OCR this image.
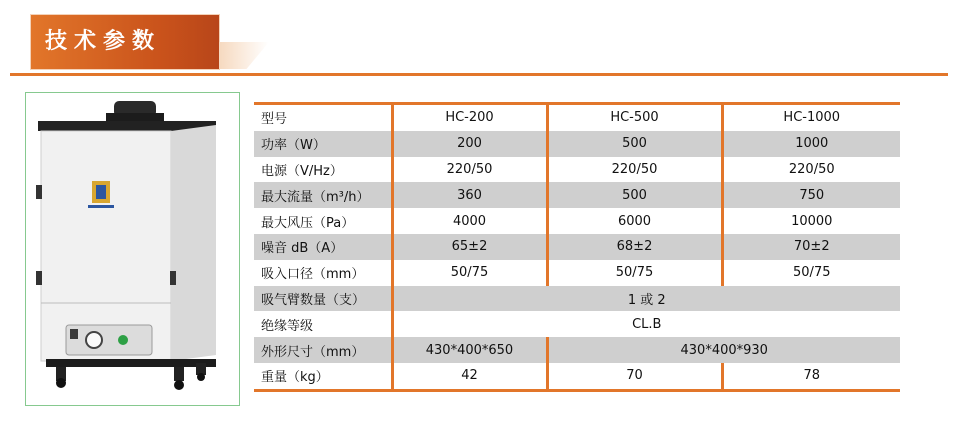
技术参数
型号	HC-200	HC-500	HC-1000
功率（W）	200	500	1000
电源（V/Hz）	220/50	220/50	220/50
最大流量（m³/h）	360	500	750
最大风压（Pa）	4000	6000	10000
噪音 dB（A）	65±2	68±2	70±2
吸入口径（mm）	50/75	50/75	50/75
吸气臂数量（支）	1 或 2		
绝缘等级	CL.B		
外形尺寸（mm）	430*400*650	430*400*930	
重量（kg）	42	70	78
